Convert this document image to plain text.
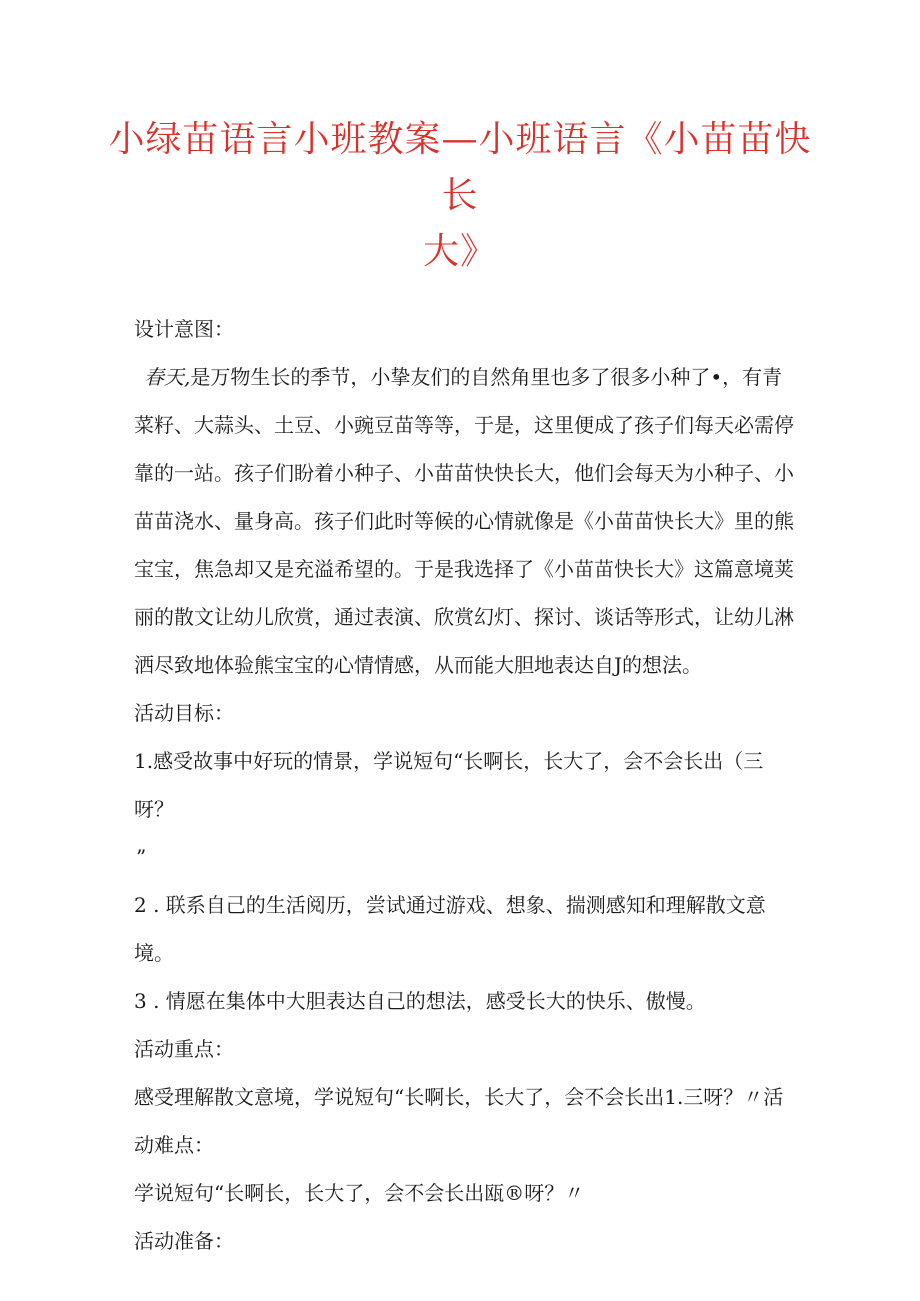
小绿苗语言小班教案—小班语言《小苗苗快长
大》

设计意图：

春天,是万物生长的季节，小挚友们的自然角里也多了很多小种了•，有青菜籽、大蒜头、土豆、小豌豆苗等等，于是，这里便成了孩子们每天必需停靠的一站。孩子们盼着小种子、小苗苗快快长大，他们会每天为小种子、小苗苗浇水、量身高。孩子们此时等候的心情就像是《小苗苗快长大》里的熊宝宝，焦急却又是充溢希望的。于是我选择了《小苗苗快长大》这篇意境荚丽的散文让幼儿欣赏，通过表演、欣赏幻灯、探讨、谈话等形式，让幼儿淋洒尽致地体验熊宝宝的心情情感，从而能大胆地表达自J的想法。

活动目标：

1.感受故事中好玩的情景，学说短句“长啊长，长大了，会不会长出（三呀？

”

2 . 联系自己的生活阅历，尝试通过游戏、想象、揣测感知和理解散文意境。

3 . 情愿在集体中大胆表达自己的想法，感受长大的快乐、傲慢。

活动重点：

感受理解散文意境，学说短句“长啊长，长大了，会不会长出1.三呀？〃活动难点：

学说短句“长啊长，长大了，会不会长出瓯®呀？〃

活动准备：
